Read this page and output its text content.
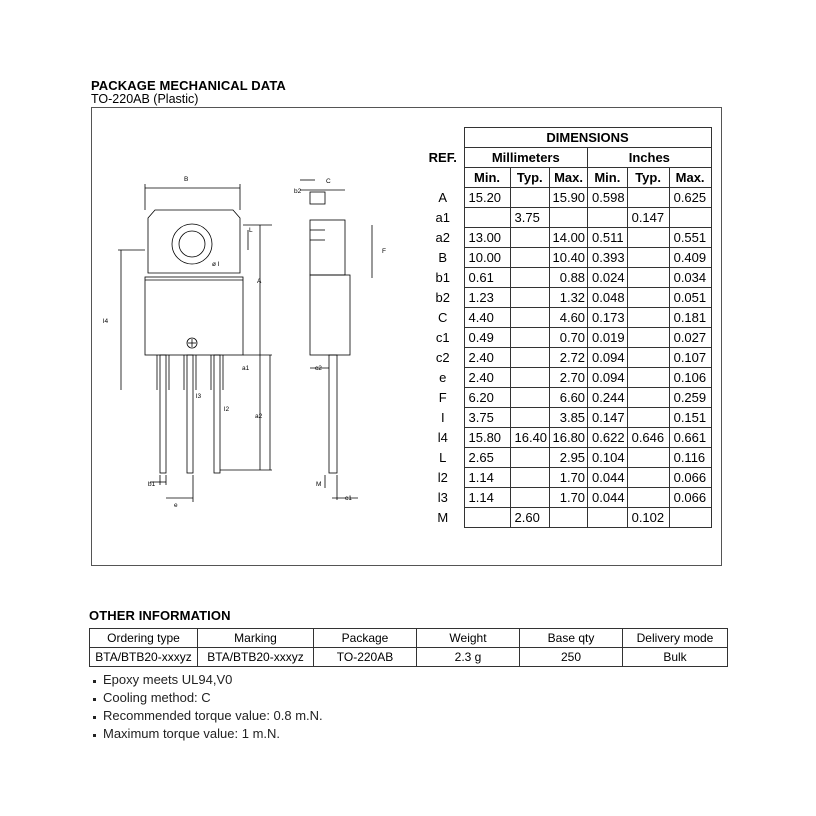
PACKAGE MECHANICAL DATA
TO-220AB (Plastic)
B
b2
C
L
F
ø I
A
l4
a1	c2
l3
l2
a2
b1
e
M
c1
	DIMENSIONS					
REF.	Millimeters			Inches		
	Min.	Typ.	Max.	Min.	Typ.	Max.
A	15.20		15.90	0.598		0.625
a1		3.75			0.147	
a2	13.00		14.00	0.511		0.551
B	10.00		10.40	0.393		0.409
b1	0.61		0.88	0.024		0.034
b2	1.23		1.32	0.048		0.051
C	4.40		4.60	0.173		0.181
c1	0.49		0.70	0.019		0.027
c2	2.40		2.72	0.094		0.107
e	2.40		2.70	0.094		0.106
F	6.20		6.60	0.244		0.259
I	3.75		3.85	0.147		0.151
l4	15.80	16.40	16.80	0.622	0.646	0.661
L	2.65		2.95	0.104		0.116
l2	1.14		1.70	0.044		0.066
l3	1.14		1.70	0.044		0.066
M		2.60			0.102	
OTHER INFORMATION
Ordering type	Marking	Package	Weight	Base qty	Delivery mode
BTA/BTB20-xxxyz	BTA/BTB20-xxxyz	TO-220AB	2.3 g	250	Bulk
Epoxy meets UL94,V0
Cooling method: C
Recommended torque value: 0.8 m.N.
Maximum torque value: 1 m.N.
